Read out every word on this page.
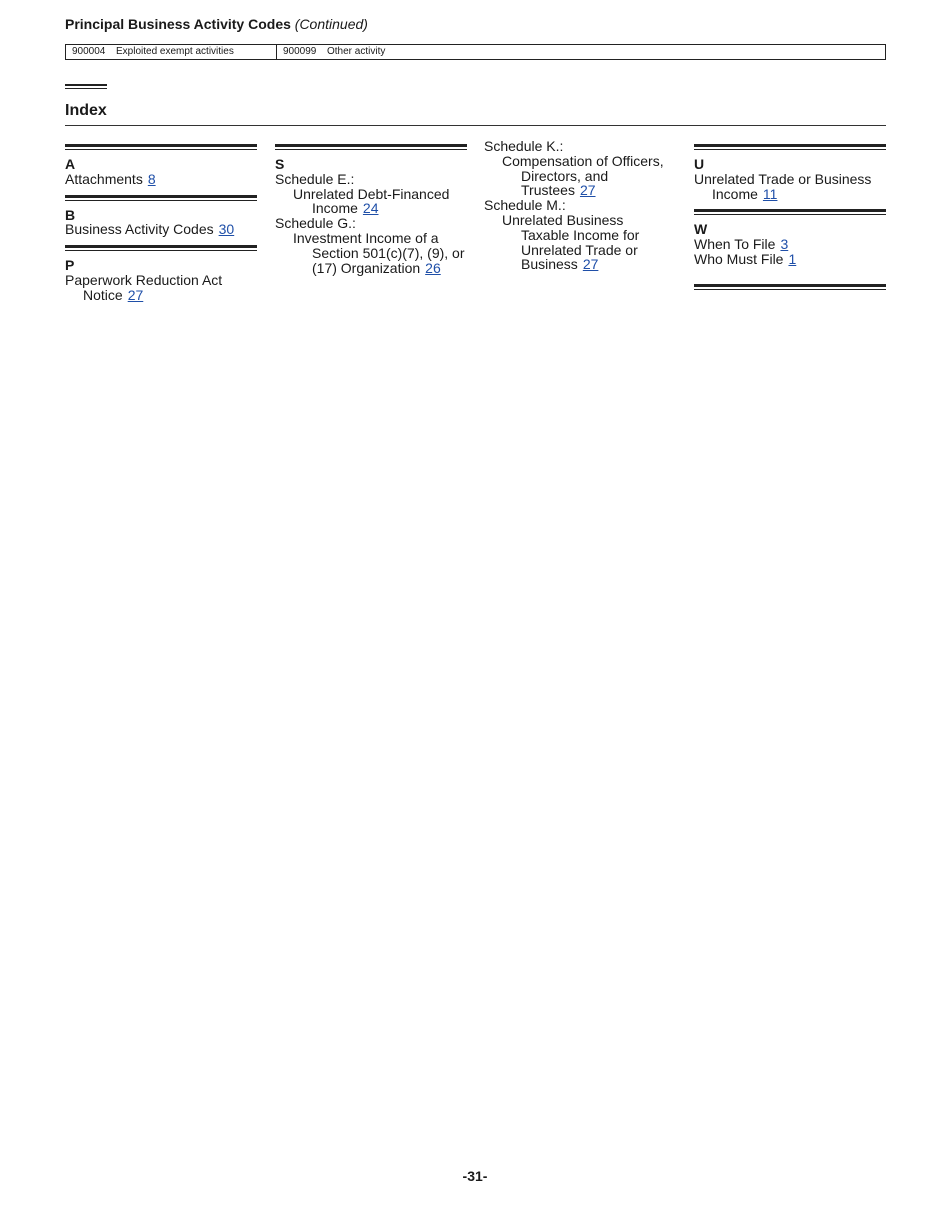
Principal Business Activity Codes (Continued)
900004	Exploited exempt activities	900099	Other activity
Index
A
Attachments 8
B
Business Activity Codes 30
P
Paperwork Reduction Act
Notice 27
S
Schedule E.:
Unrelated Debt-Financed
Income 24
Schedule G.:
Investment Income of a
Section 501(c)(7), (9), or
(17) Organization 26
Schedule K.:
Compensation of Officers,
Directors, and
Trustees 27
Schedule M.:
Unrelated Business
Taxable Income for
Unrelated Trade or
Business 27
U
Unrelated Trade or Business
Income 11
W
When To File 3
Who Must File 1
-31-
